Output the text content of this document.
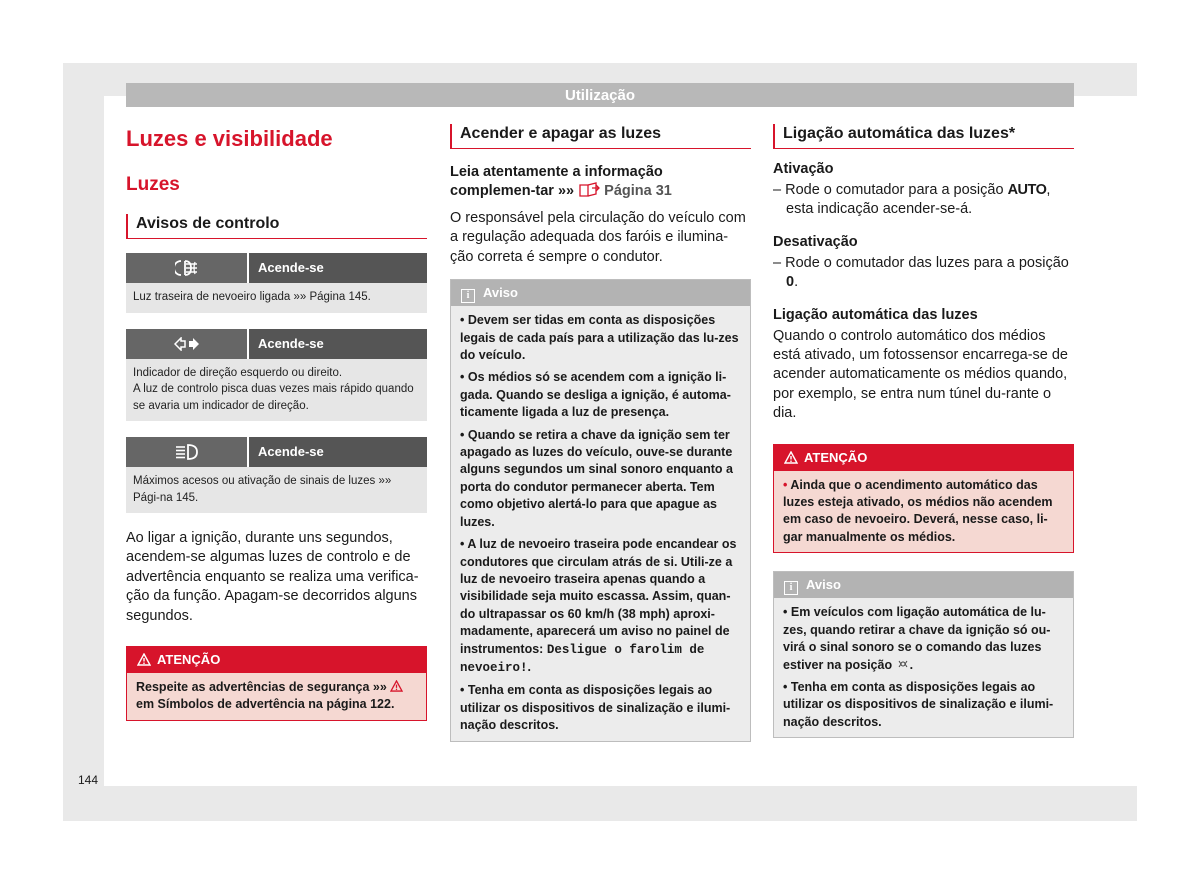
Utilização
Luzes e visibilidade
Luzes
Avisos de controlo
Acende-se
Luz traseira de nevoeiro ligada »» Página 145.
Acende-se
Indicador de direção esquerdo ou direito.
A luz de controlo pisca duas vezes mais rápido quando se avaria um indicador de direção.
Acende-se
Máximos acesos ou ativação de sinais de luzes »» Pági-na 145.

Ao ligar a ignição, durante uns segundos, acendem-se algumas luzes de controlo e de advertência enquanto se realiza uma verifica-ção da função. Apagam-se decorridos alguns segundos.

ATENÇÃO
Respeite as advertências de segurança »»  em Símbolos de advertência na página 122.
Acender e apagar as luzes

Leia atentamente a informação complemen-tar »»  Página 31

O responsável pela circulação do veículo com a regulação adequada dos faróis e ilumina-ção correta é sempre o condutor.

i Aviso
• Devem ser tidas em conta as disposições legais de cada país para a utilização das lu-zes do veículo.
• Os médios só se acendem com a ignição li-gada. Quando se desliga a ignição, é automa-ticamente ligada a luz de presença.
• Quando se retira a chave da ignição sem ter apagado as luzes do veículo, ouve-se durante alguns segundos um sinal sonoro enquanto a porta do condutor permanecer aberta. Tem como objetivo alertá-lo para que apague as luzes.
• A luz de nevoeiro traseira pode encandear os condutores que circulam atrás de si. Utili-ze a luz de nevoeiro traseira apenas quando a visibilidade seja muito escassa. Assim, quan-do ultrapassar os 60 km/h (38 mph) aproxi-madamente, aparecerá um aviso no painel de instrumentos: Desligue o farolim de nevoeiro!.
• Tenha em conta as disposições legais ao utilizar os dispositivos de sinalização e ilumi-nação descritos.
Ligação automática das luzes*

Ativação

– Rode o comutador para a posição AUTO, esta indicação acender-se-á.

Desativação

– Rode o comutador das luzes para a posição 0.

Ligação automática das luzes

Quando o controlo automático dos médios está ativado, um fotossensor encarrega-se de acender automaticamente os médios quando, por exemplo, se entra num túnel du-rante o dia.

ATENÇÃO
• Ainda que o acendimento automático das luzes esteja ativado, os médios não acendem em caso de nevoeiro. Deverá, nesse caso, li-gar manualmente os médios.
i Aviso
• Em veículos com ligação automática de lu-zes, quando retirar a chave da ignição só ou-virá o sinal sonoro se o comando das luzes estiver na posição .
• Tenha em conta as disposições legais ao utilizar os dispositivos de sinalização e ilumi-nação descritos.
144
